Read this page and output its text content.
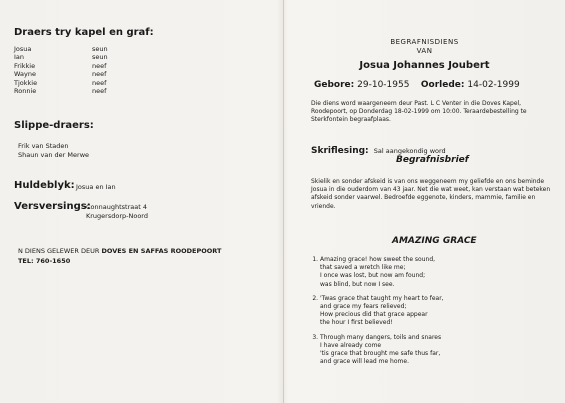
Draers try kapel en graf:
Josua	seun
Ian	seun
Frikkie	neef
Wayne	neef
Tjokkie	neef
Ronnie	neef
Slippe-draers:
Frik van Staden
Shaun van der Merwe
Huldeblyk: Josua en Ian
Versversings:
Connaughtstraat 4
Krugersdorp-Noord
N DIENS GELEWER DEUR DOVES EN SAFFAS ROODEPOORT
TEL: 760-1650
BEGRAFNISDIENS
VAN
Josua Johannes Joubert
Gebore: 29-10-1955 Oorlede: 14-02-1999
Die diens word waargeneem deur Past. L C Venter in die Doves Kapel, Roodepoort, op Donderdag 18-02-1999 om 10:00. Teraardebestelling te Sterkfontein begraafplaas.
Skriflesing: Sal aangekondig word
Begrafnisbrief
Skielik en sonder afskeid is van ons weggeneem my geliefde en ons beminde Josua in die ouderdom van 43 jaar. Net die wat weet, kan verstaan wat beteken afskeid sonder vaarwel. Bedroefde eggenote, kinders, mammie, familie en vriende.
AMAZING GRACE
1. Amazing grace! how sweet the sound,
that saved a wretch like me;
I once was lost, but now am found;
was blind, but now I see.
2. 'Twas grace that taught my heart to fear,
and grace my fears relieved;
How precious did that grace appear
the hour I first believed!
3. Through many dangers, toils and snares
I have already come
'tis grace that brought me safe thus far,
and grace will lead me home.
